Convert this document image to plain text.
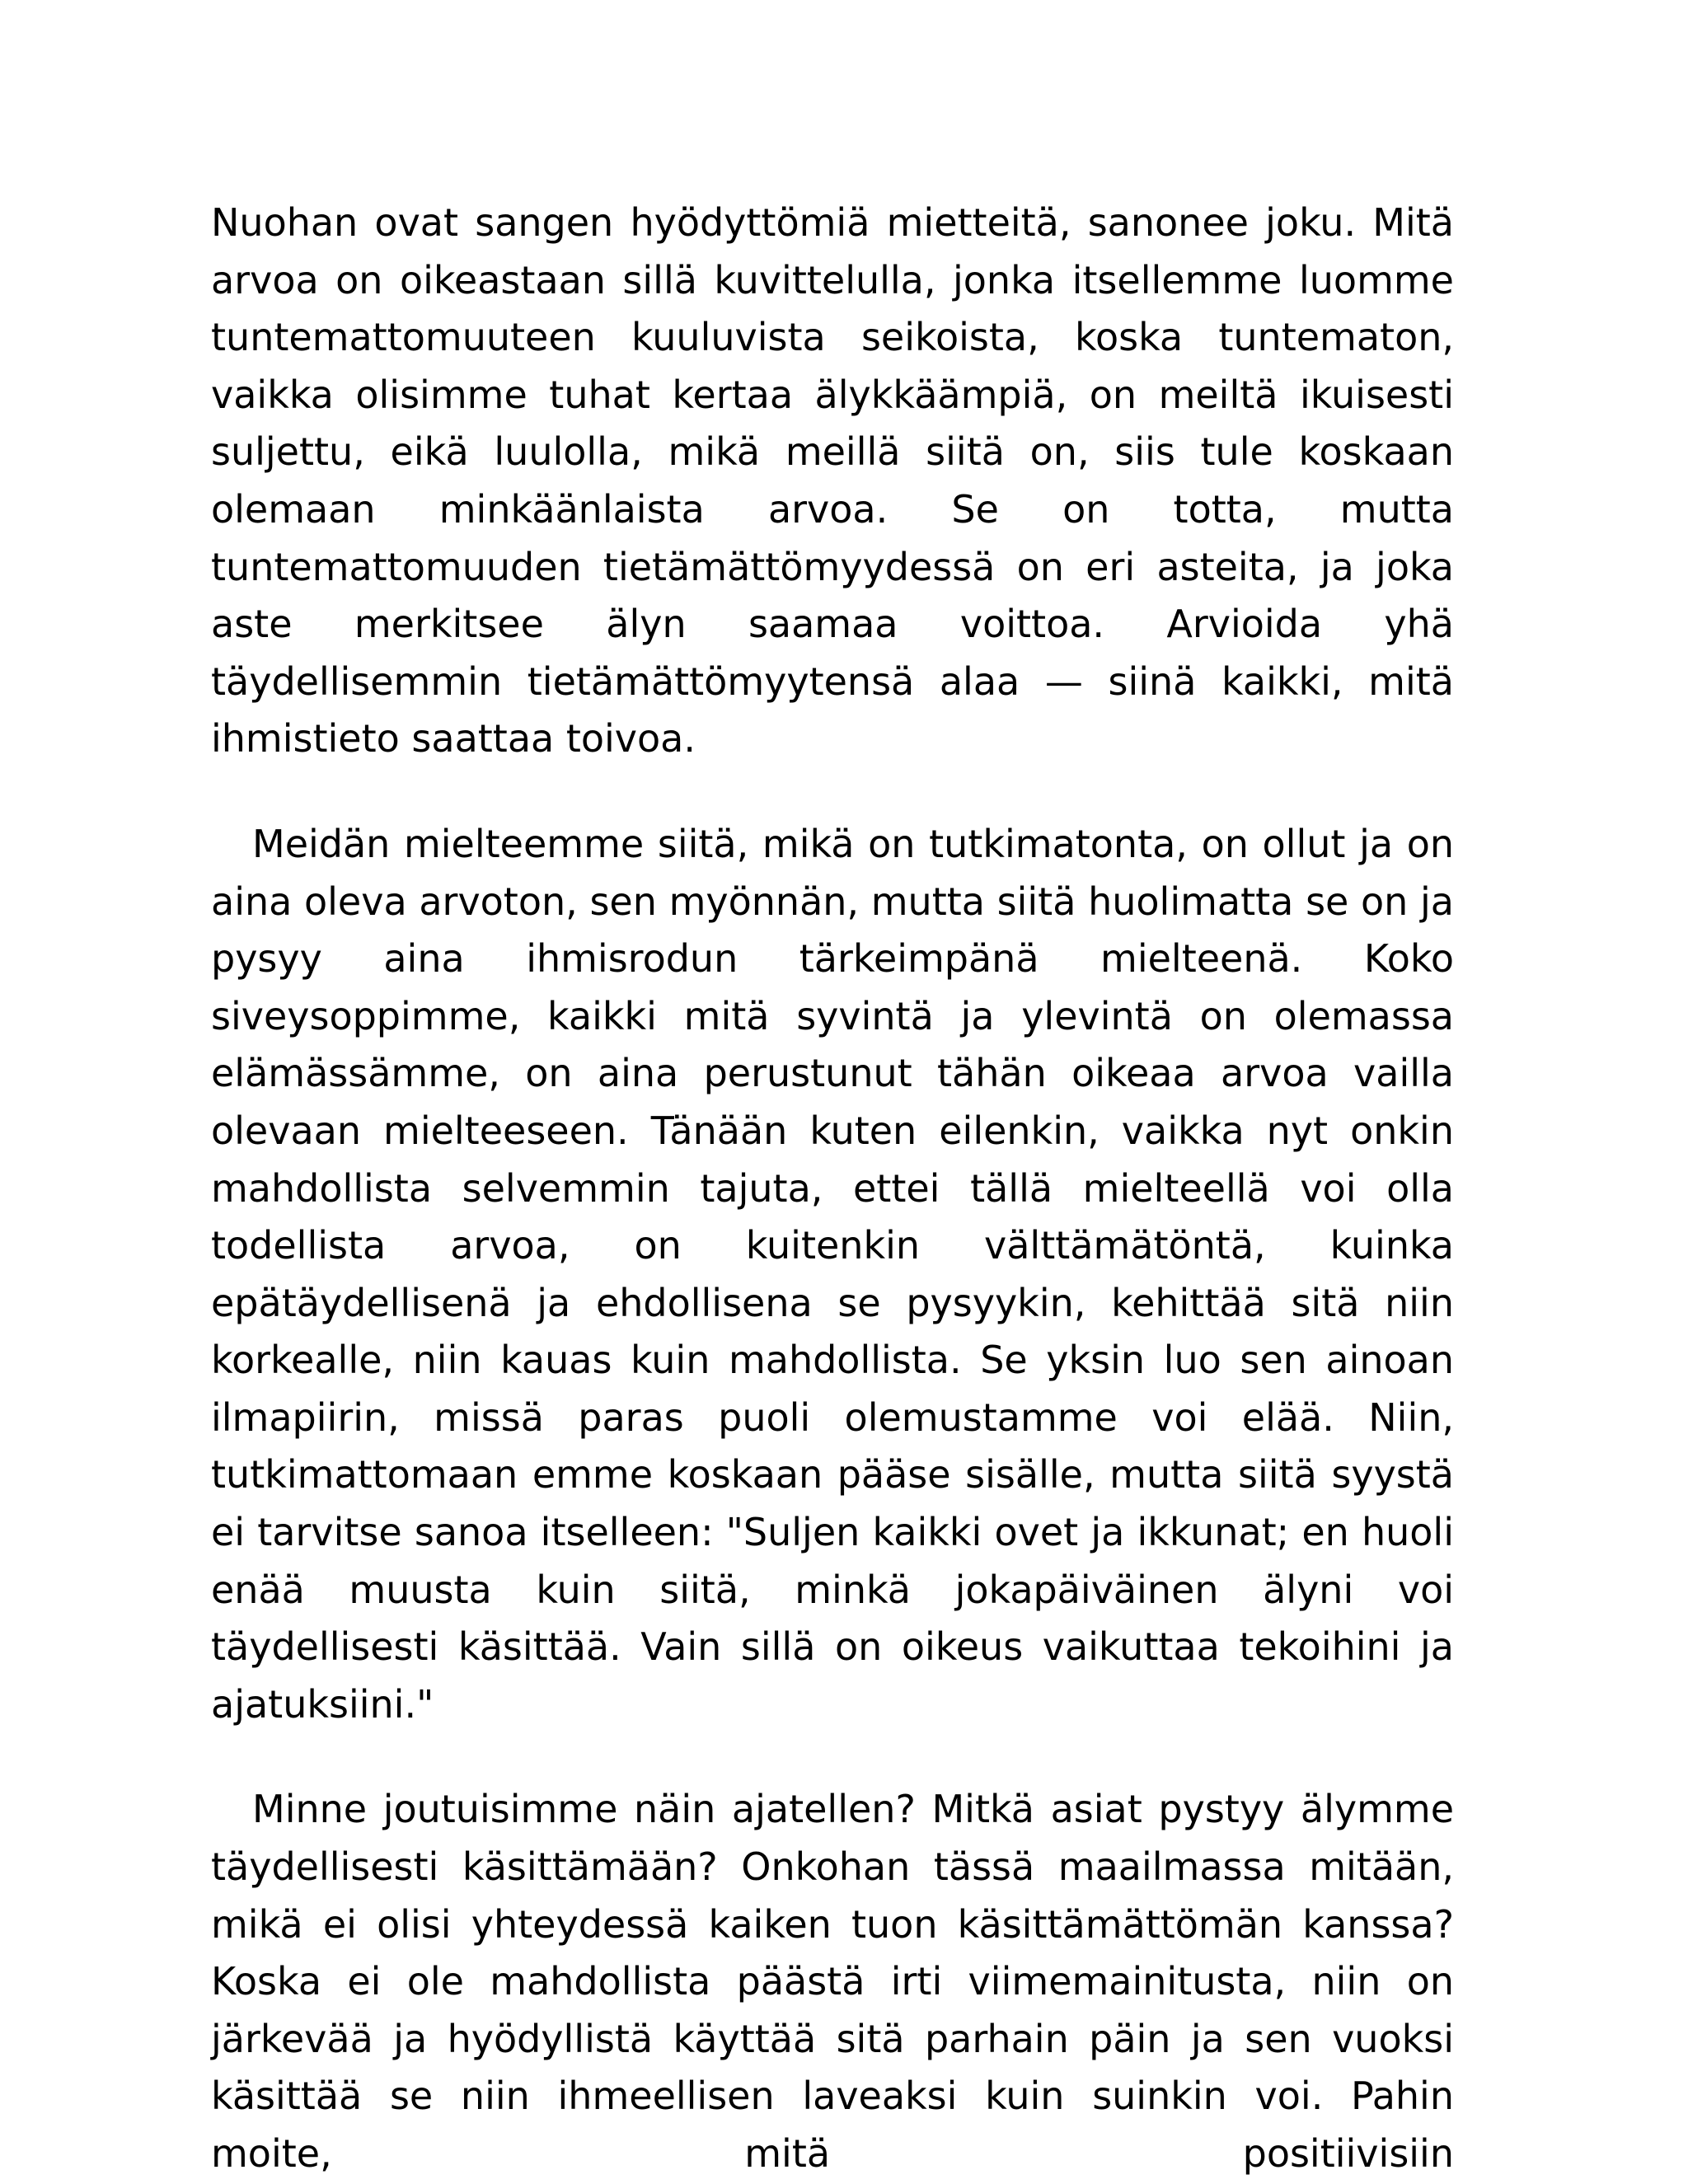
Nuohan ovat sangen hyödyttömiä mietteitä, sanonee joku. Mitä arvoa on oikeastaan sillä kuvittelulla, jonka itsellemme luomme tuntemattomuuteen kuuluvista seikoista, koska tuntematon, vaikka olisimme tuhat kertaa älykkäämpiä, on meiltä ikuisesti suljettu, eikä luulolla, mikä meillä siitä on, siis tule koskaan olemaan minkäänlaista arvoa. Se on totta, mutta tuntemattomuuden tietämättömyydessä on eri asteita, ja joka aste merkitsee älyn saamaa voittoa. Arvioida yhä täydellisemmin tietämättömyytensä alaa — siinä kaikki, mitä ihmistieto saattaa toivoa.

Meidän mielteemme siitä, mikä on tutkimatonta, on ollut ja on aina oleva arvoton, sen myönnän, mutta siitä huolimatta se on ja pysyy aina ihmisrodun tärkeimpänä mielteenä. Koko siveysoppimme, kaikki mitä syvintä ja ylevintä on olemassa elämässämme, on aina perustunut tähän oikeaa arvoa vailla olevaan mielteeseen. Tänään kuten eilenkin, vaikka nyt onkin mahdollista selvemmin tajuta, ettei tällä mielteellä voi olla todellista arvoa, on kuitenkin välttämätöntä, kuinka epätäydellisenä ja ehdollisena se pysyykin, kehittää sitä niin korkealle, niin kauas kuin mahdollista. Se yksin luo sen ainoan ilmapiirin, missä paras puoli olemustamme voi elää. Niin, tutkimattomaan emme koskaan pääse sisälle, mutta siitä syystä ei tarvitse sanoa itselleen: "Suljen kaikki ovet ja ikkunat; en huoli enää muusta kuin siitä, minkä jokapäiväinen älyni voi täydellisesti käsittää. Vain sillä on oikeus vaikuttaa tekoihini ja ajatuksiini."

Minne joutuisimme näin ajatellen? Mitkä asiat pystyy älymme täydellisesti käsittämään? Onkohan tässä maailmassa mitään, mikä ei olisi yhteydessä kaiken tuon käsittämättömän kanssa? Koska ei ole mahdollista päästä irti viimemainitusta, niin on järkevää ja hyödyllistä käyttää sitä parhain päin ja sen vuoksi käsittää se niin ihmeellisen laveaksi kuin suinkin voi. Pahin moite, mitä positiivisiin
